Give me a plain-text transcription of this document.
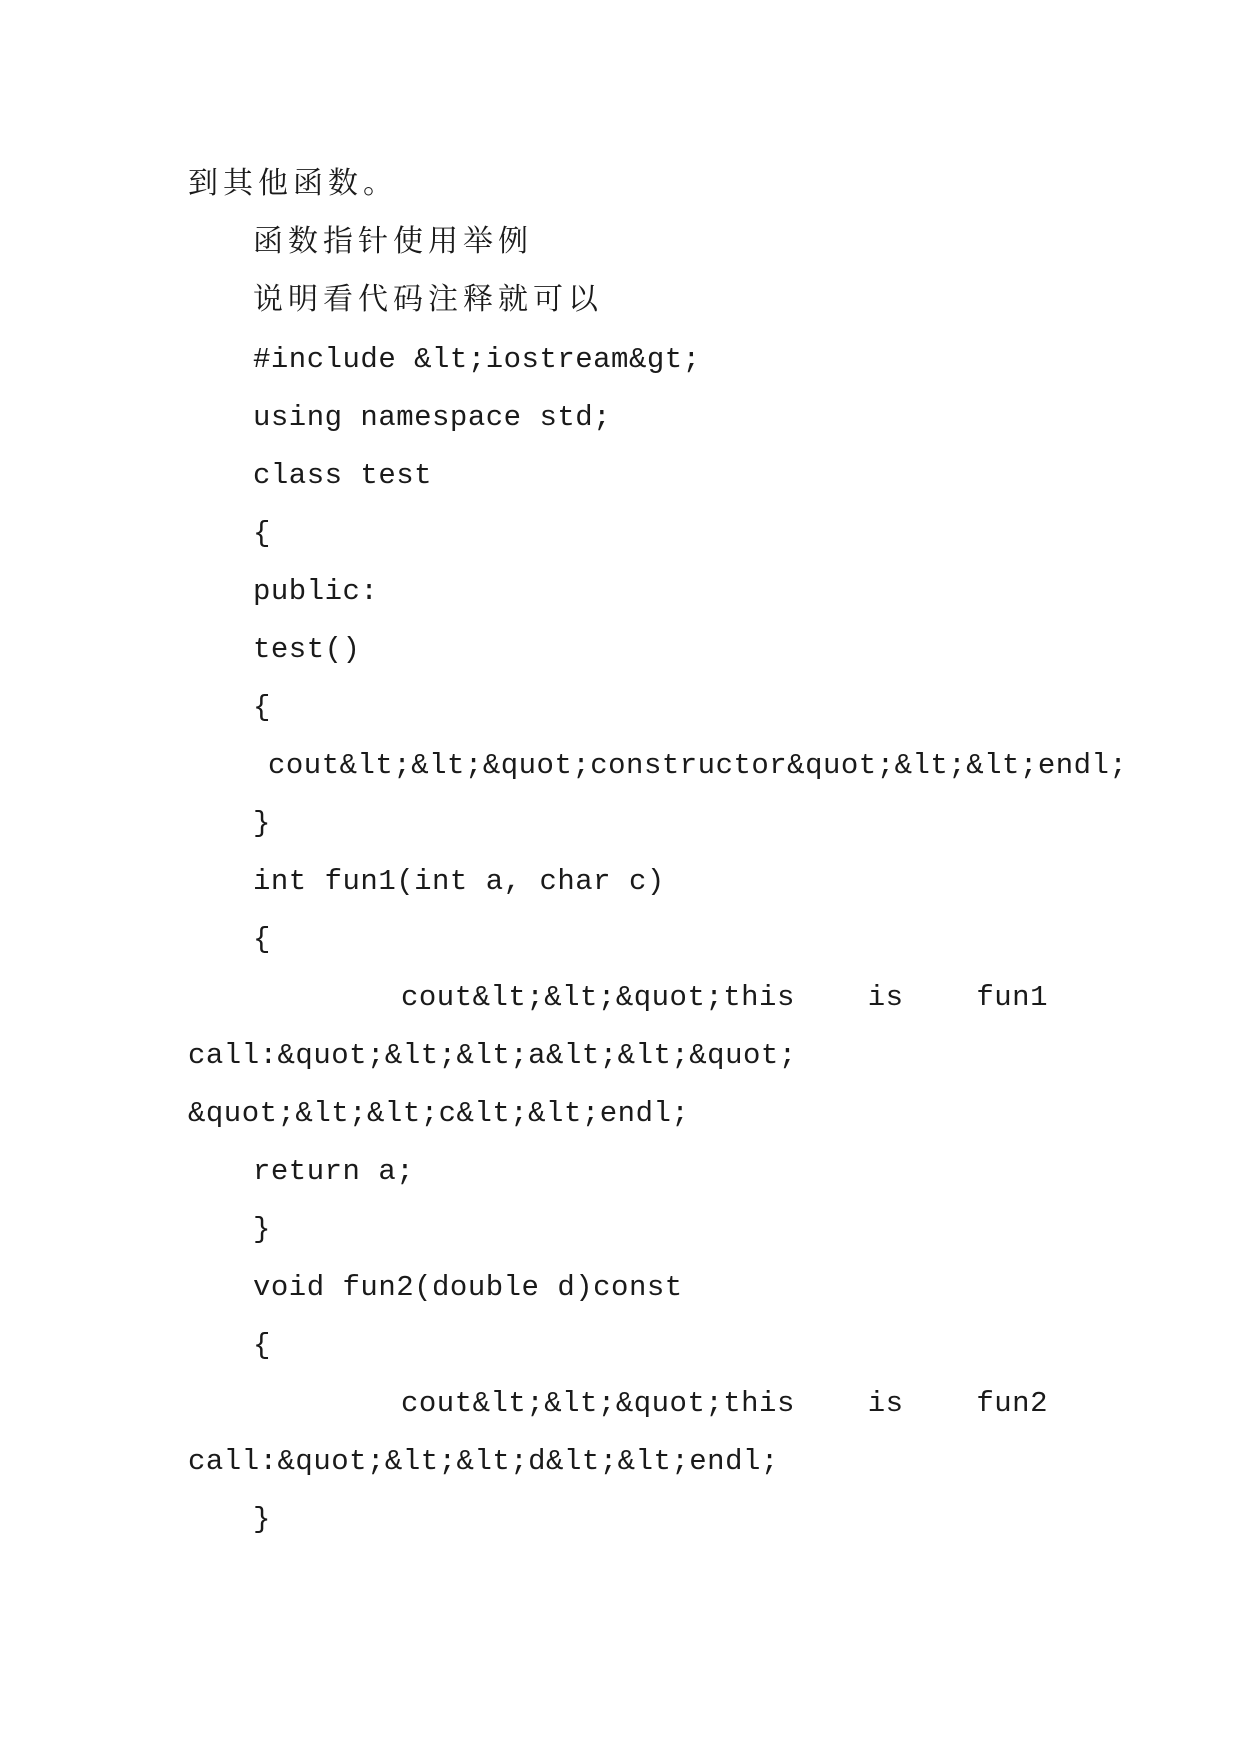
到其他函数。
函数指针使用举例
说明看代码注释就可以
#include &lt;iostream&gt;
using namespace std;
class test
{
public:
test()
{
cout&lt;&lt;&quot;constructor&quot;&lt;&lt;endl;
}
int fun1(int a, char c)
{
cout&lt;&lt;&quot;this	is	fun1
call:&quot;&lt;&lt;a&lt;&lt;&quot;
&quot;&lt;&lt;c&lt;&lt;endl;
return a;
}
void fun2(double d)const
{
cout&lt;&lt;&quot;this	is	fun2
call:&quot;&lt;&lt;d&lt;&lt;endl;
}
